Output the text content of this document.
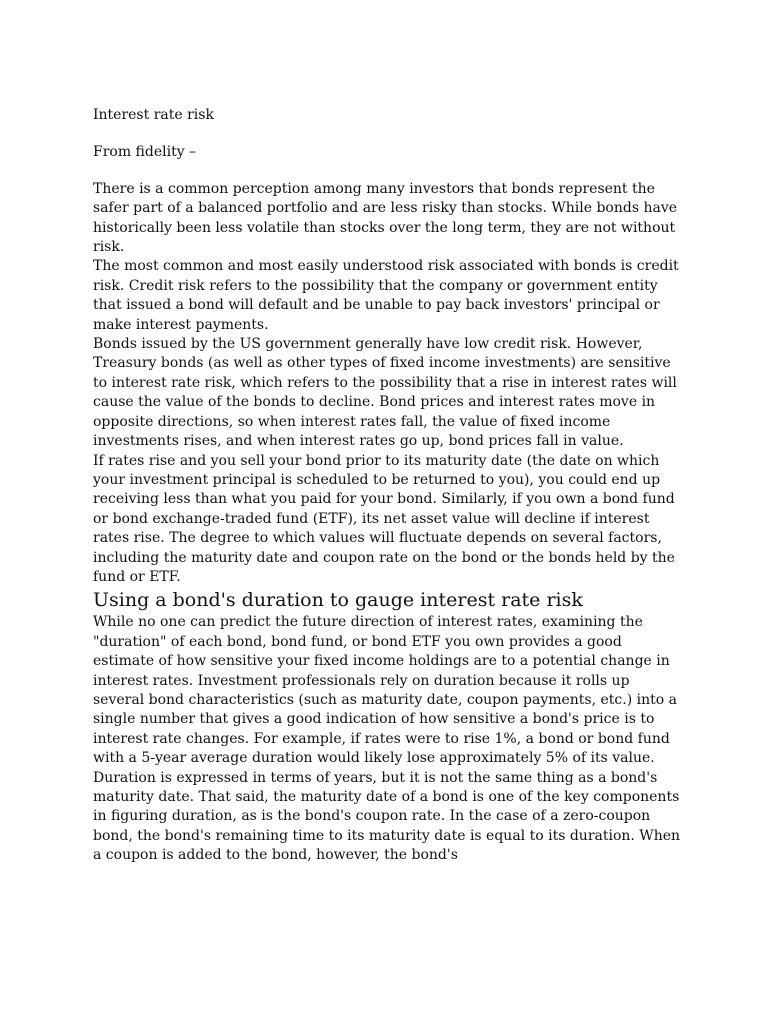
Interest rate risk

From fidelity –

There is a common perception among many investors that bonds represent the safer part of a balanced portfolio and are less risky than stocks. While bonds have historically been less volatile than stocks over the long term, they are not without risk.

The most common and most easily understood risk associated with bonds is credit risk. Credit risk refers to the possibility that the company or government entity that issued a bond will default and be unable to pay back investors' principal or make interest payments.

Bonds issued by the US government generally have low credit risk. However, Treasury bonds (as well as other types of fixed income investments) are sensitive to interest rate risk, which refers to the possibility that a rise in interest rates will cause the value of the bonds to decline. Bond prices and interest rates move in opposite directions, so when interest rates fall, the value of fixed income investments rises, and when interest rates go up, bond prices fall in value.

If rates rise and you sell your bond prior to its maturity date (the date on which your investment principal is scheduled to be returned to you), you could end up receiving less than what you paid for your bond. Similarly, if you own a bond fund or bond exchange-traded fund (ETF), its net asset value will decline if interest rates rise. The degree to which values will fluctuate depends on several factors, including the maturity date and coupon rate on the bond or the bonds held by the fund or ETF.

Using a bond's duration to gauge interest rate risk

While no one can predict the future direction of interest rates, examining the "duration" of each bond, bond fund, or bond ETF you own provides a good estimate of how sensitive your fixed income holdings are to a potential change in interest rates. Investment professionals rely on duration because it rolls up several bond characteristics (such as maturity date, coupon payments, etc.) into a single number that gives a good indication of how sensitive a bond's price is to interest rate changes. For example, if rates were to rise 1%, a bond or bond fund with a 5-year average duration would likely lose approximately 5% of its value.

Duration is expressed in terms of years, but it is not the same thing as a bond's maturity date. That said, the maturity date of a bond is one of the key components in figuring duration, as is the bond's coupon rate. In the case of a zero-coupon bond, the bond's remaining time to its maturity date is equal to its duration. When a coupon is added to the bond, however, the bond's
